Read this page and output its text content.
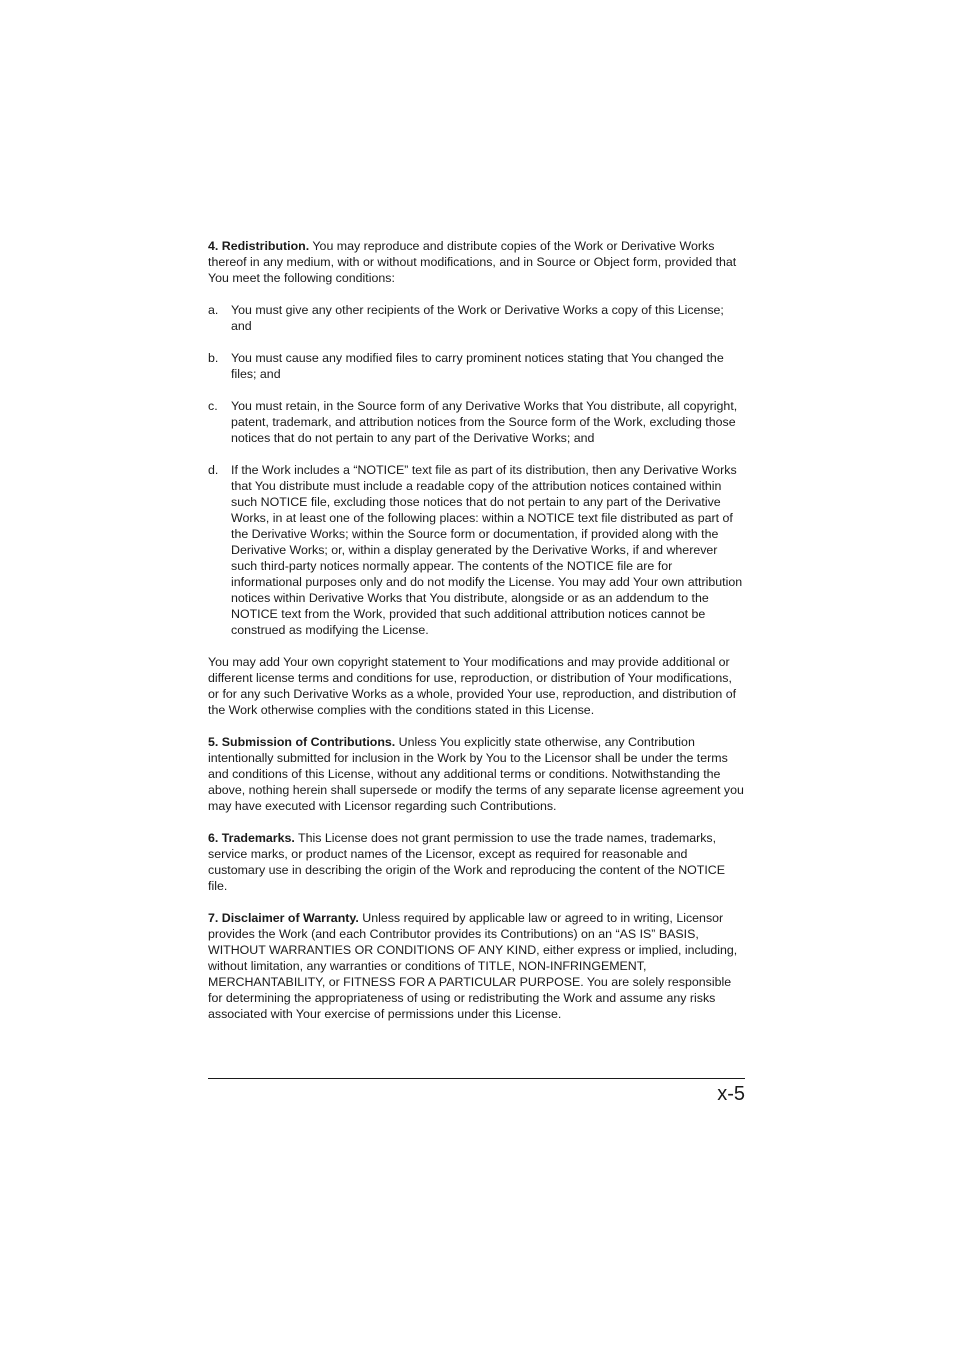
4. Redistribution. You may reproduce and distribute copies of the Work or Derivative Works thereof in any medium, with or without modifications, and in Source or Object form, provided that You meet the following conditions:

a.	You must give any other recipients of the Work or Derivative Works a copy of this License; and
b.	You must cause any modified files to carry prominent notices stating that You changed the files; and
c.	You must retain, in the Source form of any Derivative Works that You distribute, all copyright, patent, trademark, and attribution notices from the Source form of the Work, excluding those notices that do not pertain to any part of the Derivative Works; and
d.	If the Work includes a “NOTICE” text file as part of its distribution, then any Derivative Works that You distribute must include a readable copy of the attribution notices contained within such NOTICE file, excluding those notices that do not pertain to any part of the Derivative Works, in at least one of the following places: within a NOTICE text file distributed as part of the Derivative Works; within the Source form or documentation, if provided along with the Derivative Works; or, within a display generated by the Derivative Works, if and wherever such third-party notices normally appear. The contents of the NOTICE file are for informational purposes only and do not modify the License. You may add Your own attribution notices within Derivative Works that You distribute, alongside or as an addendum to the NOTICE text from the Work, provided that such additional attribution notices cannot be construed as modifying the License.

You may add Your own copyright statement to Your modifications and may provide additional or different license terms and conditions for use, reproduction, or distribution of Your modifications, or for any such Derivative Works as a whole, provided Your use, reproduction, and distribution of the Work otherwise complies with the conditions stated in this License.

5. Submission of Contributions. Unless You explicitly state otherwise, any Contribution intentionally submitted for inclusion in the Work by You to the Licensor shall be under the terms and conditions of this License, without any additional terms or conditions. Notwithstanding the above, nothing herein shall supersede or modify the terms of any separate license agreement you may have executed with Licensor regarding such Contributions.

6. Trademarks. This License does not grant permission to use the trade names, trademarks, service marks, or product names of the Licensor, except as required for reasonable and customary use in describing the origin of the Work and reproducing the content of the NOTICE file.

7. Disclaimer of Warranty. Unless required by applicable law or agreed to in writing, Licensor provides the Work (and each Contributor provides its Contributions) on an “AS IS” BASIS, WITHOUT WARRANTIES OR CONDITIONS OF ANY KIND, either express or implied, including, without limitation, any warranties or conditions of TITLE, NON-INFRINGEMENT, MERCHANTABILITY, or FITNESS FOR A PARTICULAR PURPOSE. You are solely responsible for determining the appropriateness of using or redistributing the Work and assume any risks associated with Your exercise of permissions under this License.

x-5
